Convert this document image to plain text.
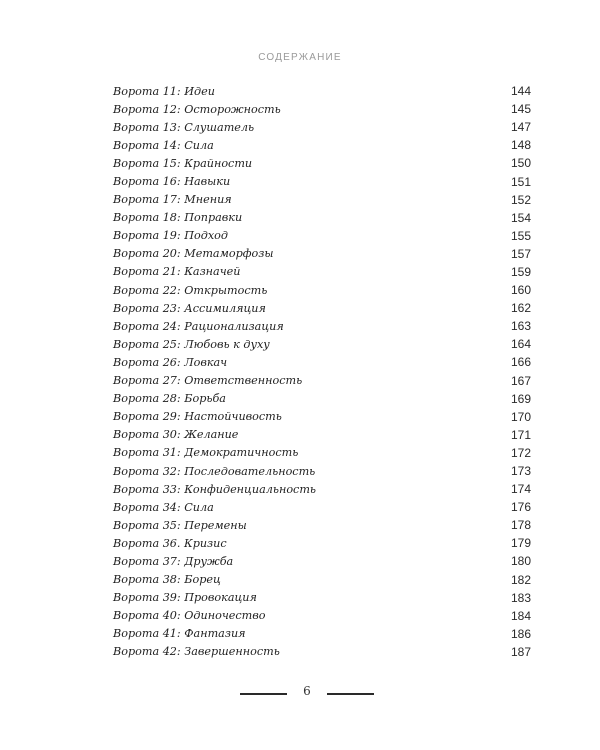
СОДЕРЖАНИЕ
Ворота 11: Идеи	144
Ворота 12: Осторожность	145
Ворота 13: Слушатель	147
Ворота 14: Сила	148
Ворота 15: Крайности	150
Ворота 16: Навыки	151
Ворота 17: Мнения	152
Ворота 18: Поправки	154
Ворота 19: Подход	155
Ворота 20: Метаморфозы	157
Ворота 21: Казначей	159
Ворота 22: Открытость	160
Ворота 23: Ассимиляция	162
Ворота 24: Рационализация	163
Ворота 25: Любовь к духу	164
Ворота 26: Ловкач	166
Ворота 27: Ответственность	167
Ворота 28: Борьба	169
Ворота 29: Настойчивость	170
Ворота 30: Желание	171
Ворота 31: Демократичность	172
Ворота 32: Последовательность	173
Ворота 33: Конфиденциальность	174
Ворота 34: Сила	176
Ворота 35: Перемены	178
Ворота 36. Кризис	179
Ворота 37: Дружба	180
Ворота 38: Борец	182
Ворота 39: Провокация	183
Ворота 40: Одиночество	184
Ворота 41: Фантазия	186
Ворота 42: Завершенность	187
6
